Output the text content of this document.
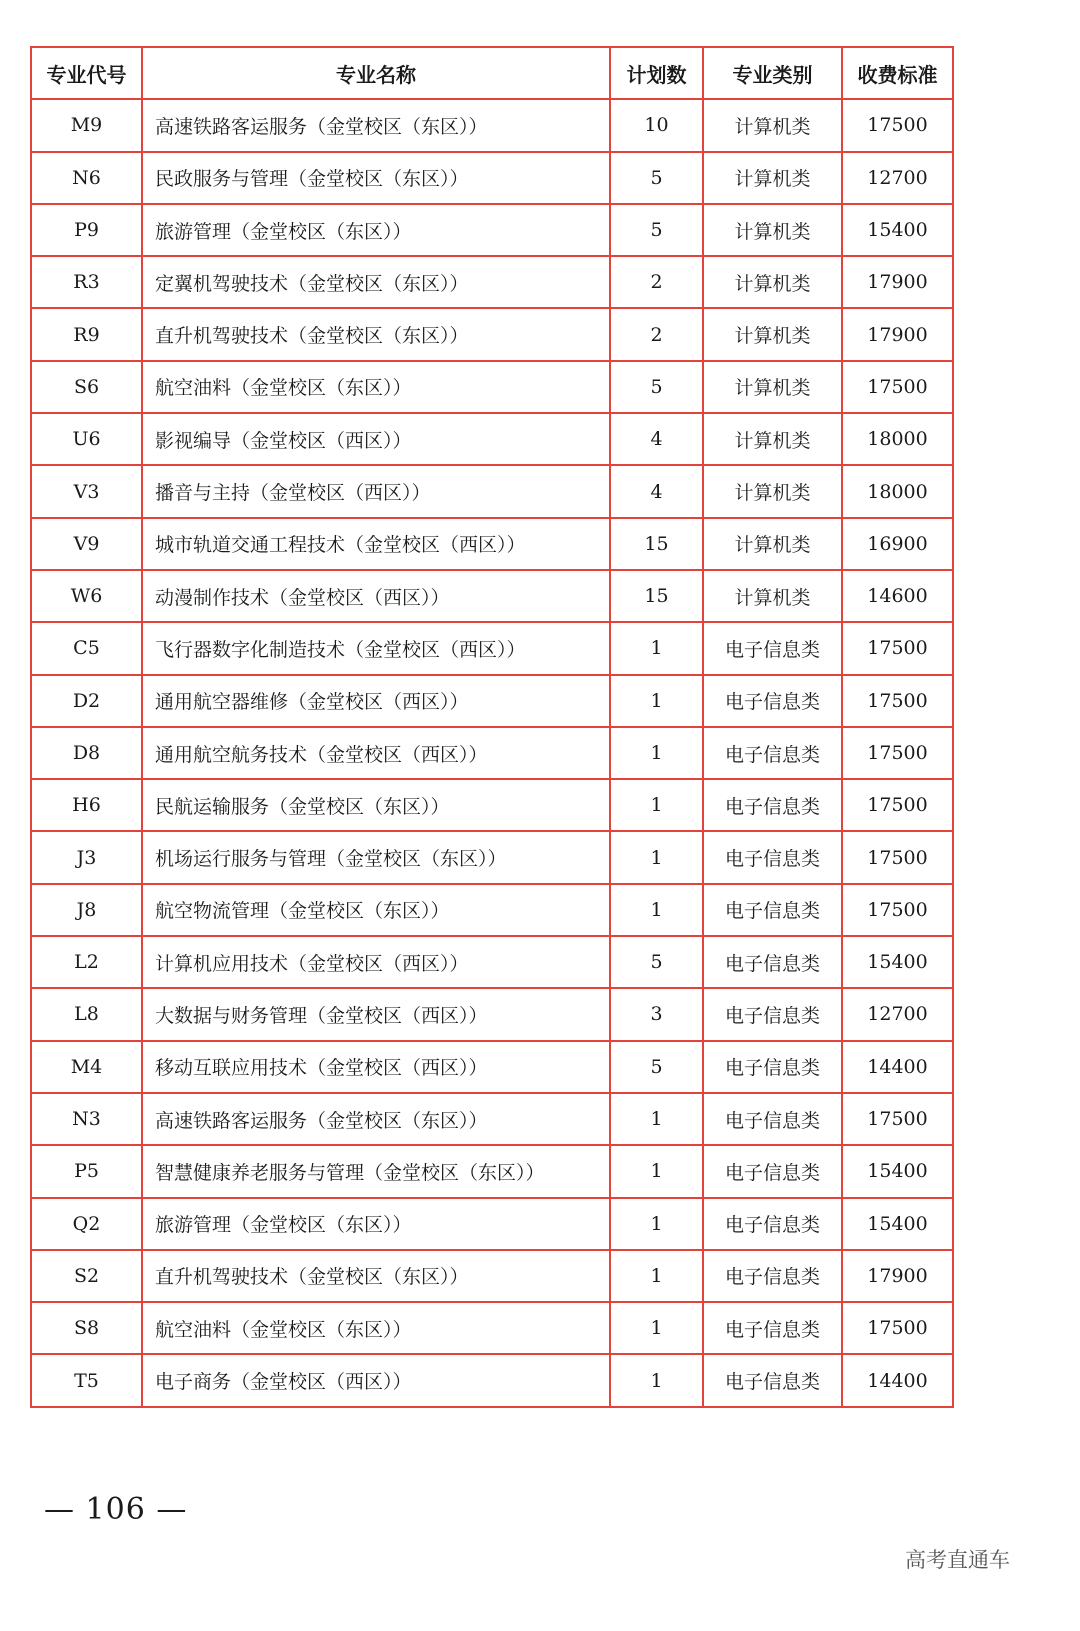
专业代号	专业名称	计划数	专业类别	收费标准
M9	高速铁路客运服务（金堂校区（东区））	10	计算机类	17500
N6	民政服务与管理（金堂校区（东区））	5	计算机类	12700
P9	旅游管理（金堂校区（东区））	5	计算机类	15400
R3	定翼机驾驶技术（金堂校区（东区））	2	计算机类	17900
R9	直升机驾驶技术（金堂校区（东区））	2	计算机类	17900
S6	航空油料（金堂校区（东区））	5	计算机类	17500
U6	影视编导（金堂校区（西区））	4	计算机类	18000
V3	播音与主持（金堂校区（西区））	4	计算机类	18000
V9	城市轨道交通工程技术（金堂校区（西区））	15	计算机类	16900
W6	动漫制作技术（金堂校区（西区））	15	计算机类	14600
C5	飞行器数字化制造技术（金堂校区（西区））	1	电子信息类	17500
D2	通用航空器维修（金堂校区（西区））	1	电子信息类	17500
D8	通用航空航务技术（金堂校区（西区））	1	电子信息类	17500
H6	民航运输服务（金堂校区（东区））	1	电子信息类	17500
J3	机场运行服务与管理（金堂校区（东区））	1	电子信息类	17500
J8	航空物流管理（金堂校区（东区））	1	电子信息类	17500
L2	计算机应用技术（金堂校区（西区））	5	电子信息类	15400
L8	大数据与财务管理（金堂校区（西区））	3	电子信息类	12700
M4	移动互联应用技术（金堂校区（西区））	5	电子信息类	14400
N3	高速铁路客运服务（金堂校区（东区））	1	电子信息类	17500
P5	智慧健康养老服务与管理（金堂校区（东区））	1	电子信息类	15400
Q2	旅游管理（金堂校区（东区））	1	电子信息类	15400
S2	直升机驾驶技术（金堂校区（东区））	1	电子信息类	17900
S8	航空油料（金堂校区（东区））	1	电子信息类	17500
T5	电子商务（金堂校区（西区））	1	电子信息类	14400
— 106 —
高考直通车
